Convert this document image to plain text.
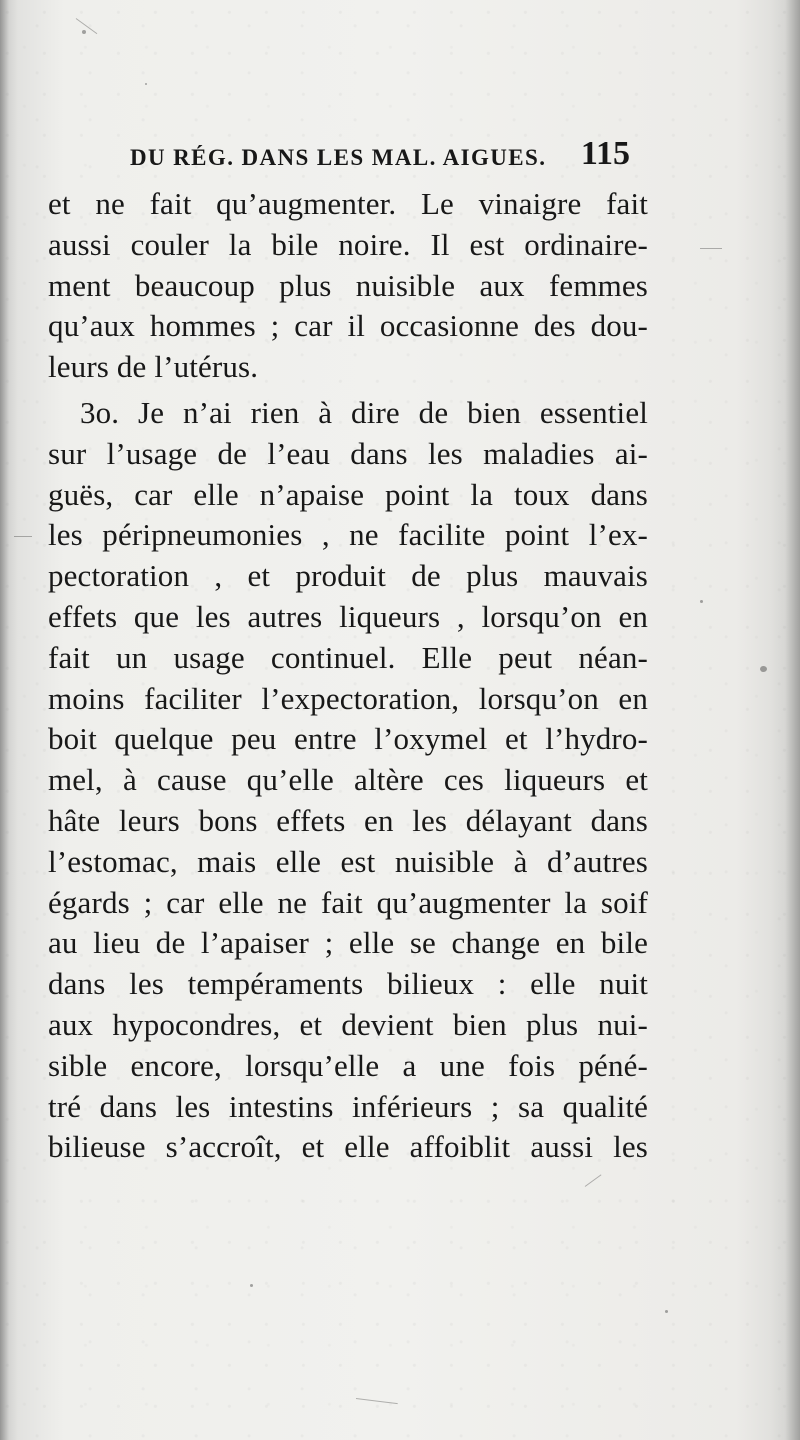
DU RÉG. DANS LES MAL. AIGUES. 115
et ne fait qu’augmenter. Le vinaigre fait
aussi couler la bile noire. Il est ordinaire-
ment beaucoup plus nuisible aux femmes
qu’aux hommes ; car il occasionne des dou-
leurs de l’utérus.
3o. Je n’ai rien à dire de bien essentiel
sur l’usage de l’eau dans les maladies ai-
guës, car elle n’apaise point la toux dans
les péripneumonies , ne facilite point l’ex-
pectoration , et produit de plus mauvais
effets que les autres liqueurs , lorsqu’on en
fait un usage continuel. Elle peut néan-
moins faciliter l’expectoration, lorsqu’on en
boit quelque peu entre l’oxymel et l’hydro-
mel, à cause qu’elle altère ces liqueurs et
hâte leurs bons effets en les délayant dans
l’estomac, mais elle est nuisible à d’autres
égards ; car elle ne fait qu’augmenter la soif
au lieu de l’apaiser ; elle se change en bile
dans les tempéraments bilieux : elle nuit
aux hypocondres, et devient bien plus nui-
sible encore, lorsqu’elle a une fois péné-
tré dans les intestins inférieurs ; sa qualité
bilieuse s’accroît, et elle affoiblit aussi les
